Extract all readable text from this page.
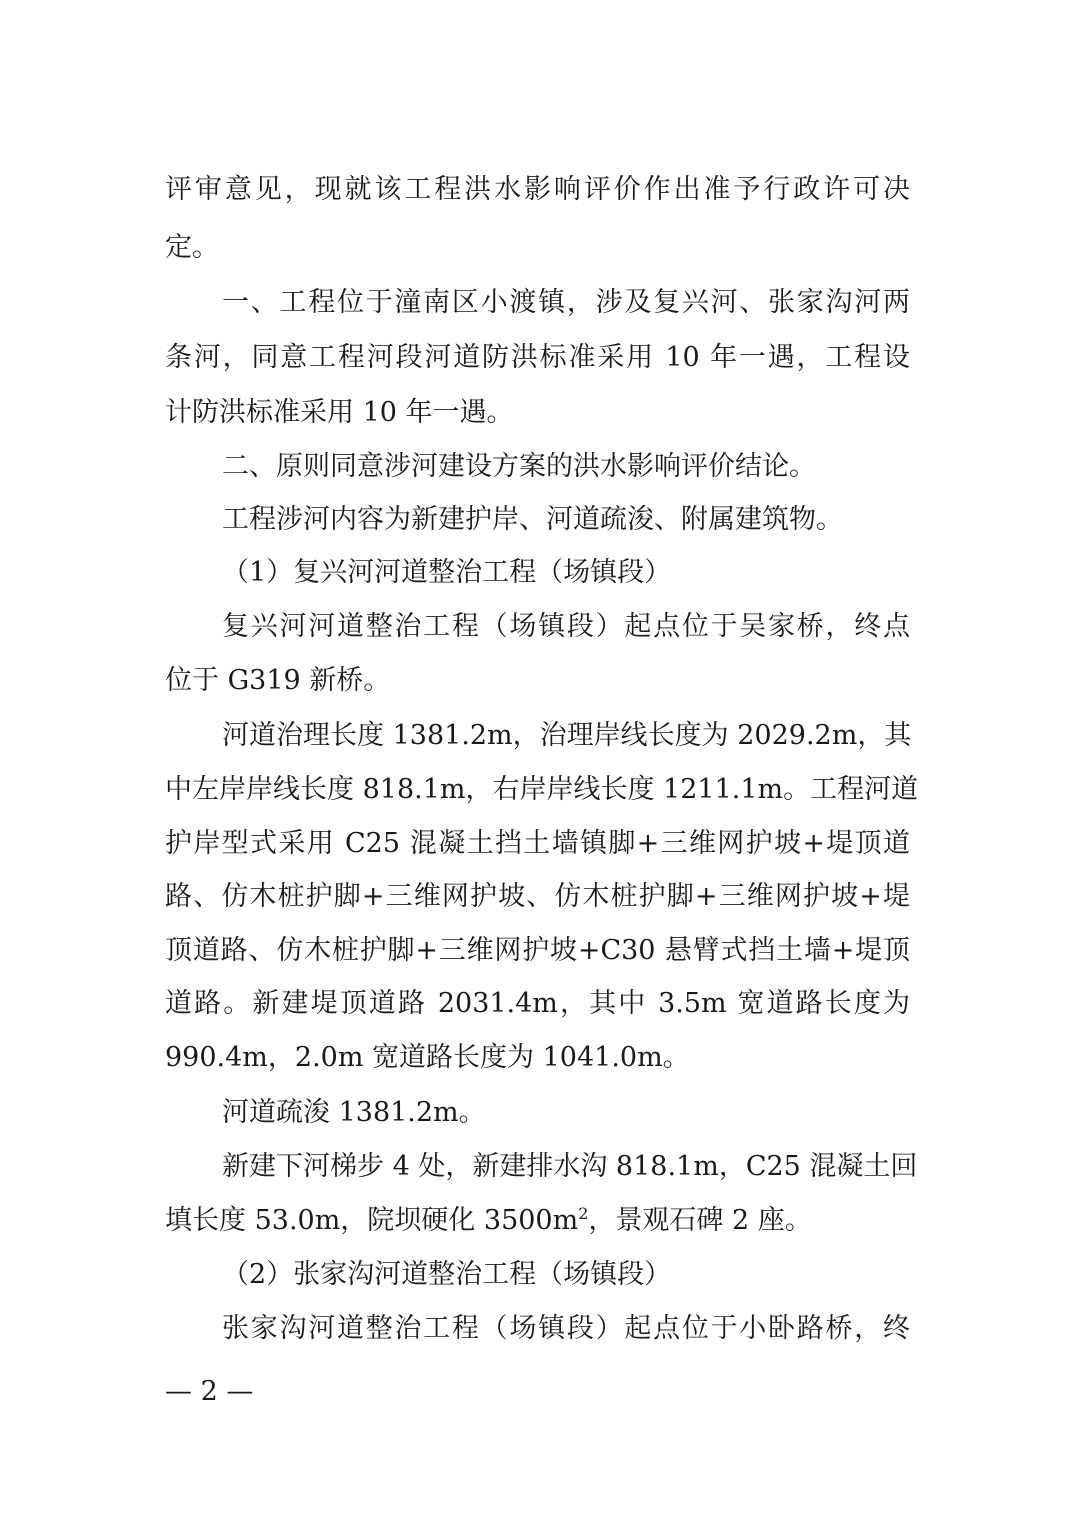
评审意见，现就该工程洪水影响评价作出准予行政许可决
定。
一、工程位于潼南区小渡镇，涉及复兴河、张家沟河两
条河，同意工程河段河道防洪标准采用 10 年一遇，工程设
计防洪标准采用 10 年一遇。
二、原则同意涉河建设方案的洪水影响评价结论。
工程涉河内容为新建护岸、河道疏浚、附属建筑物。
（1）复兴河河道整治工程（场镇段）
复兴河河道整治工程（场镇段）起点位于吴家桥，终点
位于 G319 新桥。
河道治理长度 1381.2m，治理岸线长度为 2029.2m，其
中左岸岸线长度 818.1m，右岸岸线长度 1211.1m。工程河道
护岸型式采用 C25 混凝土挡土墙镇脚+三维网护坡+堤顶道
路、仿木桩护脚+三维网护坡、仿木桩护脚+三维网护坡+堤
顶道路、仿木桩护脚+三维网护坡+C30 悬臂式挡土墙+堤顶
道路。新建堤顶道路 2031.4m，其中 3.5m 宽道路长度为
990.4m，2.0m 宽道路长度为 1041.0m。
河道疏浚 1381.2m。
新建下河梯步 4 处，新建排水沟 818.1m，C25 混凝土回
填长度 53.0m，院坝硬化 $3500m^2$，景观石碑 2 座。
（2）张家沟河道整治工程（场镇段）
张家沟河道整治工程（场镇段）起点位于小卧路桥，终
— 2 —
